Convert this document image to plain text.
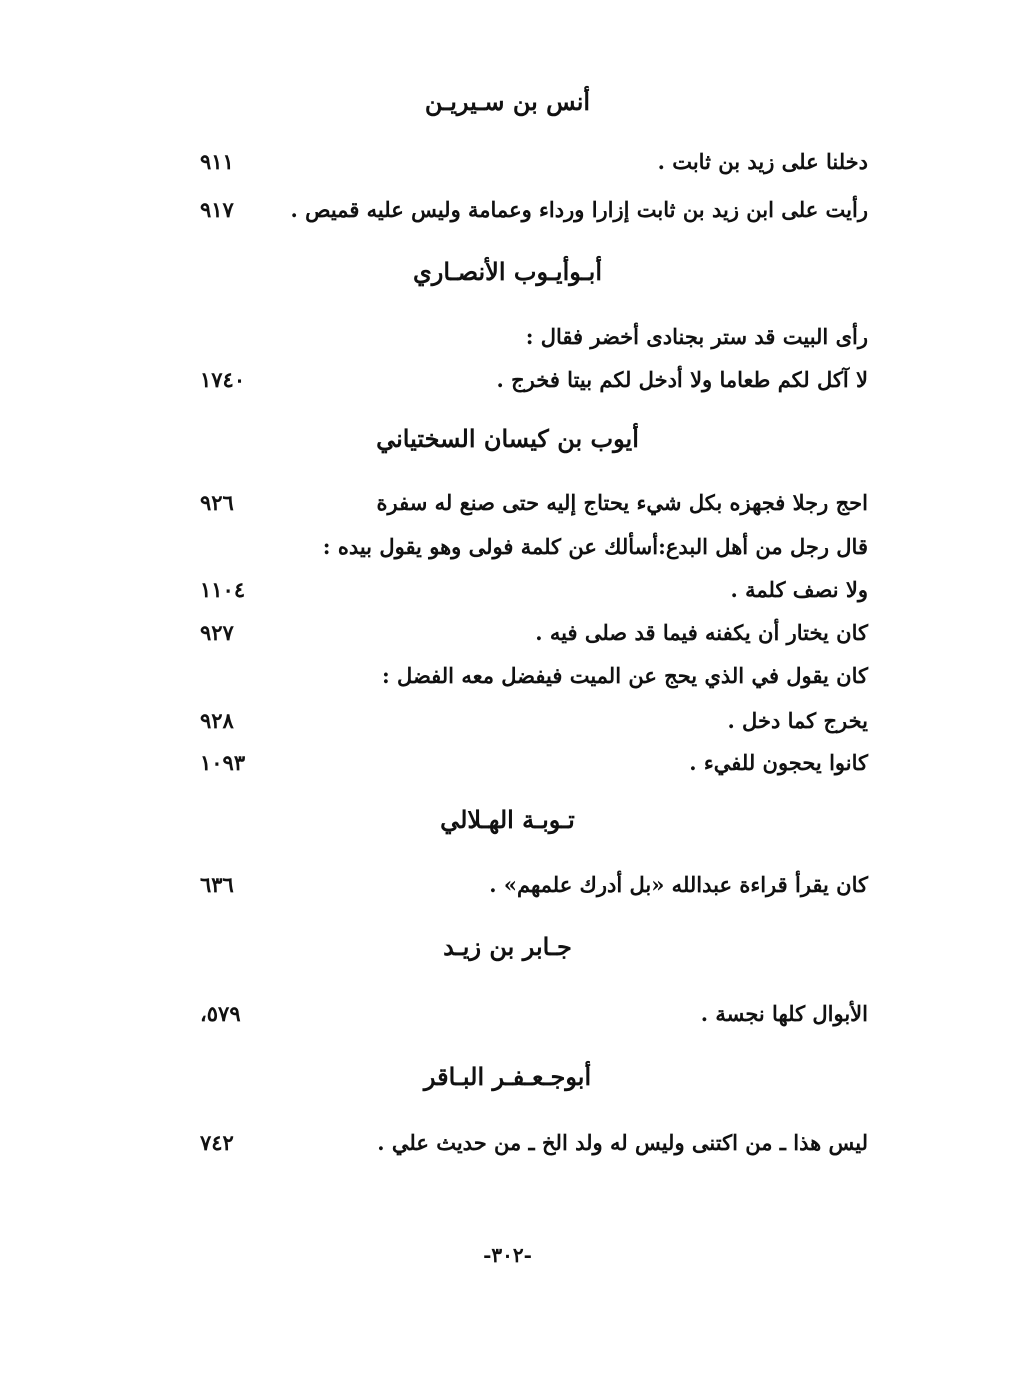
أنس بن سـيريـن
دخلنا على زيد بن ثابت .
٩١١
رأيت على ابن زيد بن ثابت إزارا ورداء وعمامة وليس عليه قميص .
٩١٧
أبـوأيـوب الأنصـاري
رأى البيت قد ستر بجنادى أخضر فقال :
لا آكل لكم طعاما ولا أدخل لكم بيتا فخرج .
١٧٤٠
أيوب بن كيسان السختياني
احج رجلا فجهزه بكل شيء يحتاج إليه حتى صنع له سفرة
٩٢٦
قال رجل من أهل البدع:أسألك عن كلمة فولى وهو يقول بيده :
ولا نصف كلمة .
١١٠٤
كان يختار أن يكفنه فيما قد صلى فيه .
٩٢٧
كان يقول في الذي يحج عن الميت فيفضل معه الفضل :
يخرج كما دخل .
٩٢٨
كانوا يحجون للفيء .
١٠٩٣
تـوبـة الهـلالي
كان يقرأ قراءة عبدالله «بل أدرك علمهم» .
٦٣٦
جـابر بن زيـد
الأبوال كلها نجسة .
،٥٧٩
أبوجـعـفـر البـاقر
ليس هذا ـ من اكتنى وليس له ولد الخ ـ من حديث علي .
٧٤٢
-٣٠٢-
